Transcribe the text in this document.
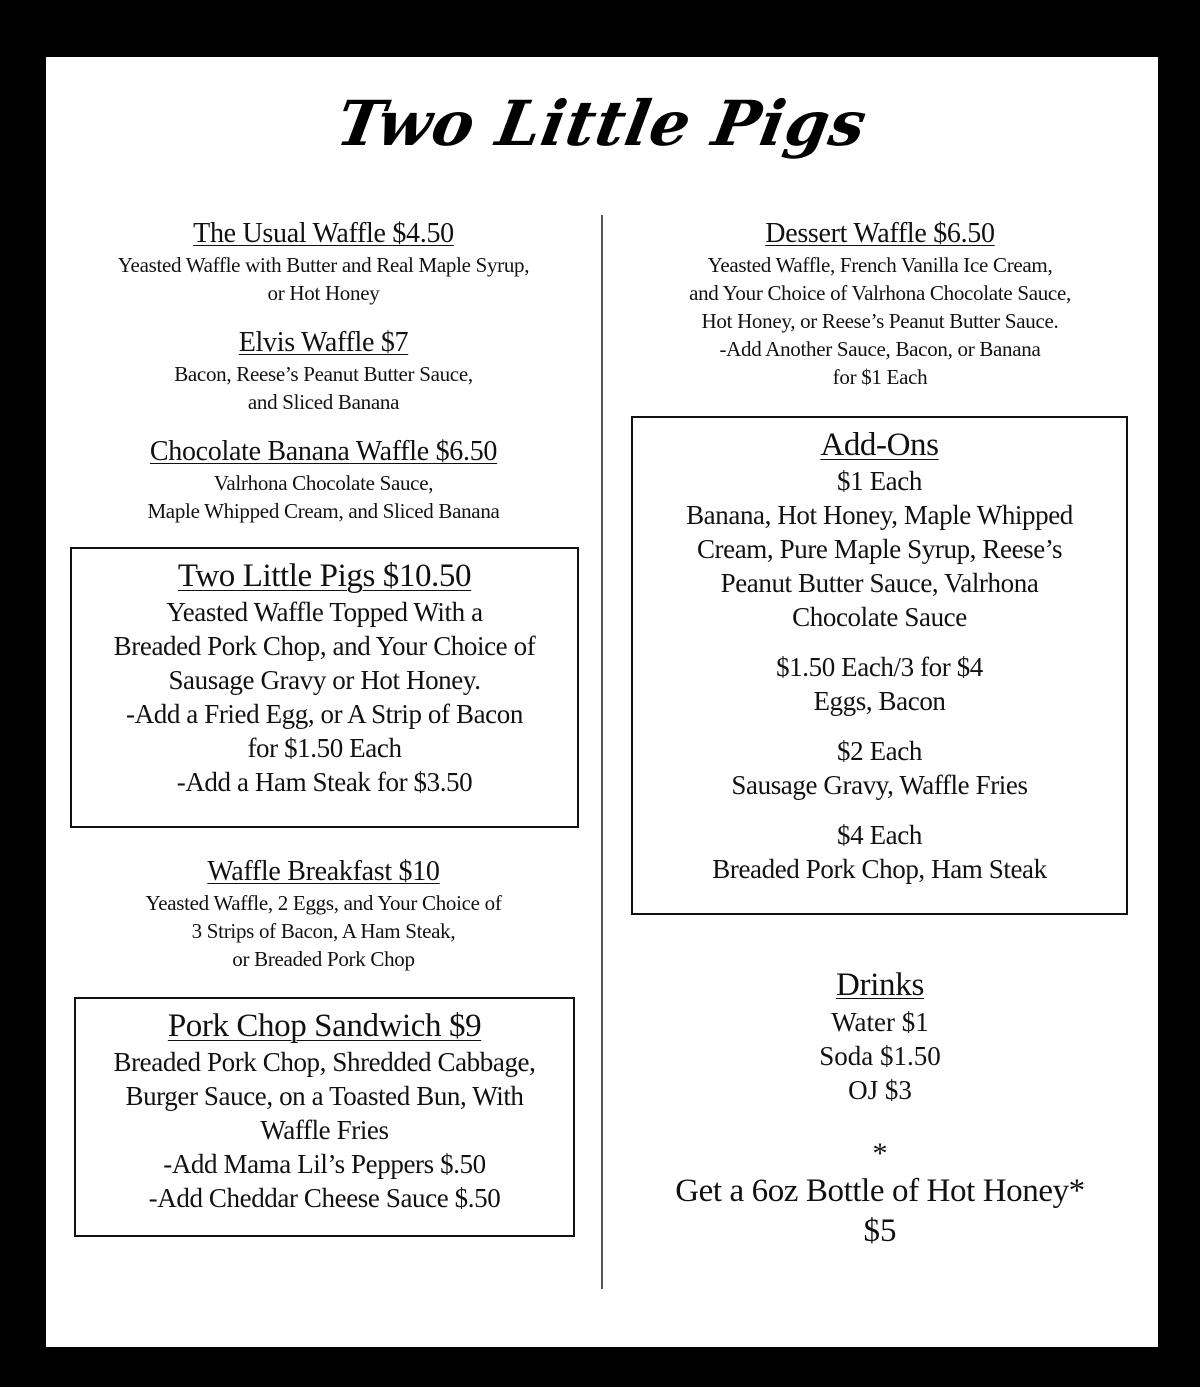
Two Little Pigs
The Usual Waffle $4.50
Yeasted Waffle with Butter and Real Maple Syrup,
or Hot Honey
Elvis Waffle $7
Bacon, Reese’s Peanut Butter Sauce,
and Sliced Banana
Chocolate Banana Waffle $6.50
Valrhona Chocolate Sauce,
Maple Whipped Cream, and Sliced Banana
Two Little Pigs $10.50
Yeasted Waffle Topped With a
Breaded Pork Chop, and Your Choice of
Sausage Gravy or Hot Honey.
-Add a Fried Egg, or A Strip of Bacon
for $1.50 Each
-Add a Ham Steak for $3.50
Waffle Breakfast $10
Yeasted Waffle, 2 Eggs, and Your Choice of
3 Strips of Bacon, A Ham Steak,
or Breaded Pork Chop
Pork Chop Sandwich $9
Breaded Pork Chop, Shredded Cabbage,
Burger Sauce, on a Toasted Bun, With
Waffle Fries
-Add Mama Lil’s Peppers $.50
-Add Cheddar Cheese Sauce $.50
Dessert Waffle $6.50
Yeasted Waffle, French Vanilla Ice Cream,
and Your Choice of Valrhona Chocolate Sauce,
Hot Honey, or Reese’s Peanut Butter Sauce.
-Add Another Sauce, Bacon, or Banana
for $1 Each
Add-Ons
$1 Each
Banana, Hot Honey, Maple Whipped
Cream, Pure Maple Syrup, Reese’s
Peanut Butter Sauce, Valrhona
Chocolate Sauce
$1.50 Each/3 for $4
Eggs, Bacon
$2 Each
Sausage Gravy, Waffle Fries
$4 Each
Breaded Pork Chop, Ham Steak
Drinks
Water $1
Soda $1.50
OJ $3
*
Get a 6oz Bottle of Hot Honey*
$5
